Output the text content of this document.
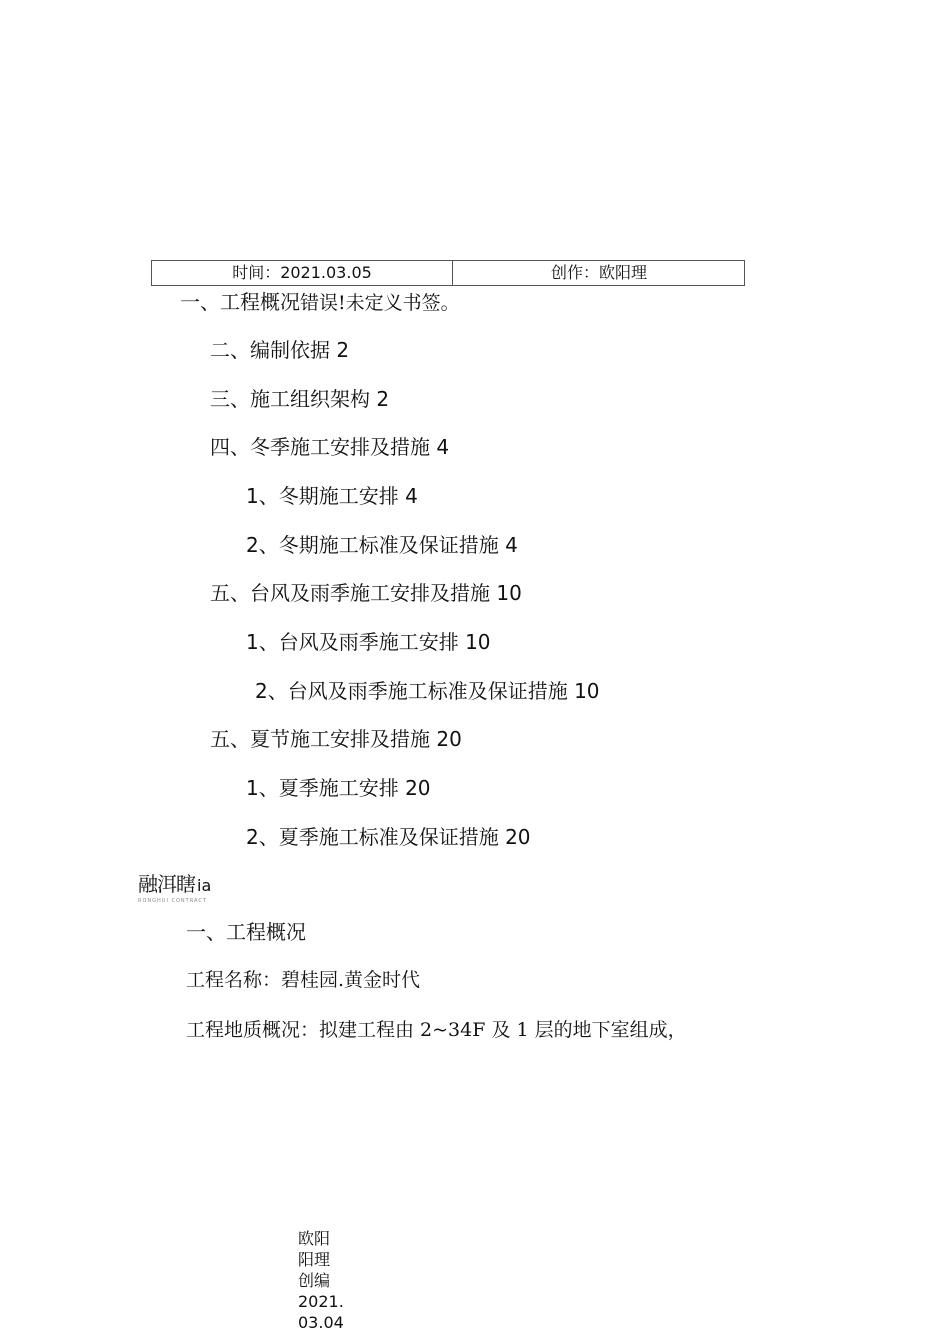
时间：2021.03.05	创作：欧阳理
一、工程概况错误!未定义书签。
二、编制依据 2
三、施工组织架构 2
四、冬季施工安排及措施 4
1、冬期施工安排 4
2、冬期施工标准及保证措施 4
五、台风及雨季施工安排及措施 10
1、台风及雨季施工安排 10
2、台风及雨季施工标准及保证措施 10
五、夏节施工安排及措施 20
1、夏季施工安排 20
2、夏季施工标准及保证措施 20
融洱瞎 ia
RONGHUI CONTRACT
一、工程概况
工程名称：碧桂园.黄金时代
工程地质概况：拟建工程由 2~34F 及 1 层的地下室组成，
欧阳
阳理
创编
2021.
03.04
